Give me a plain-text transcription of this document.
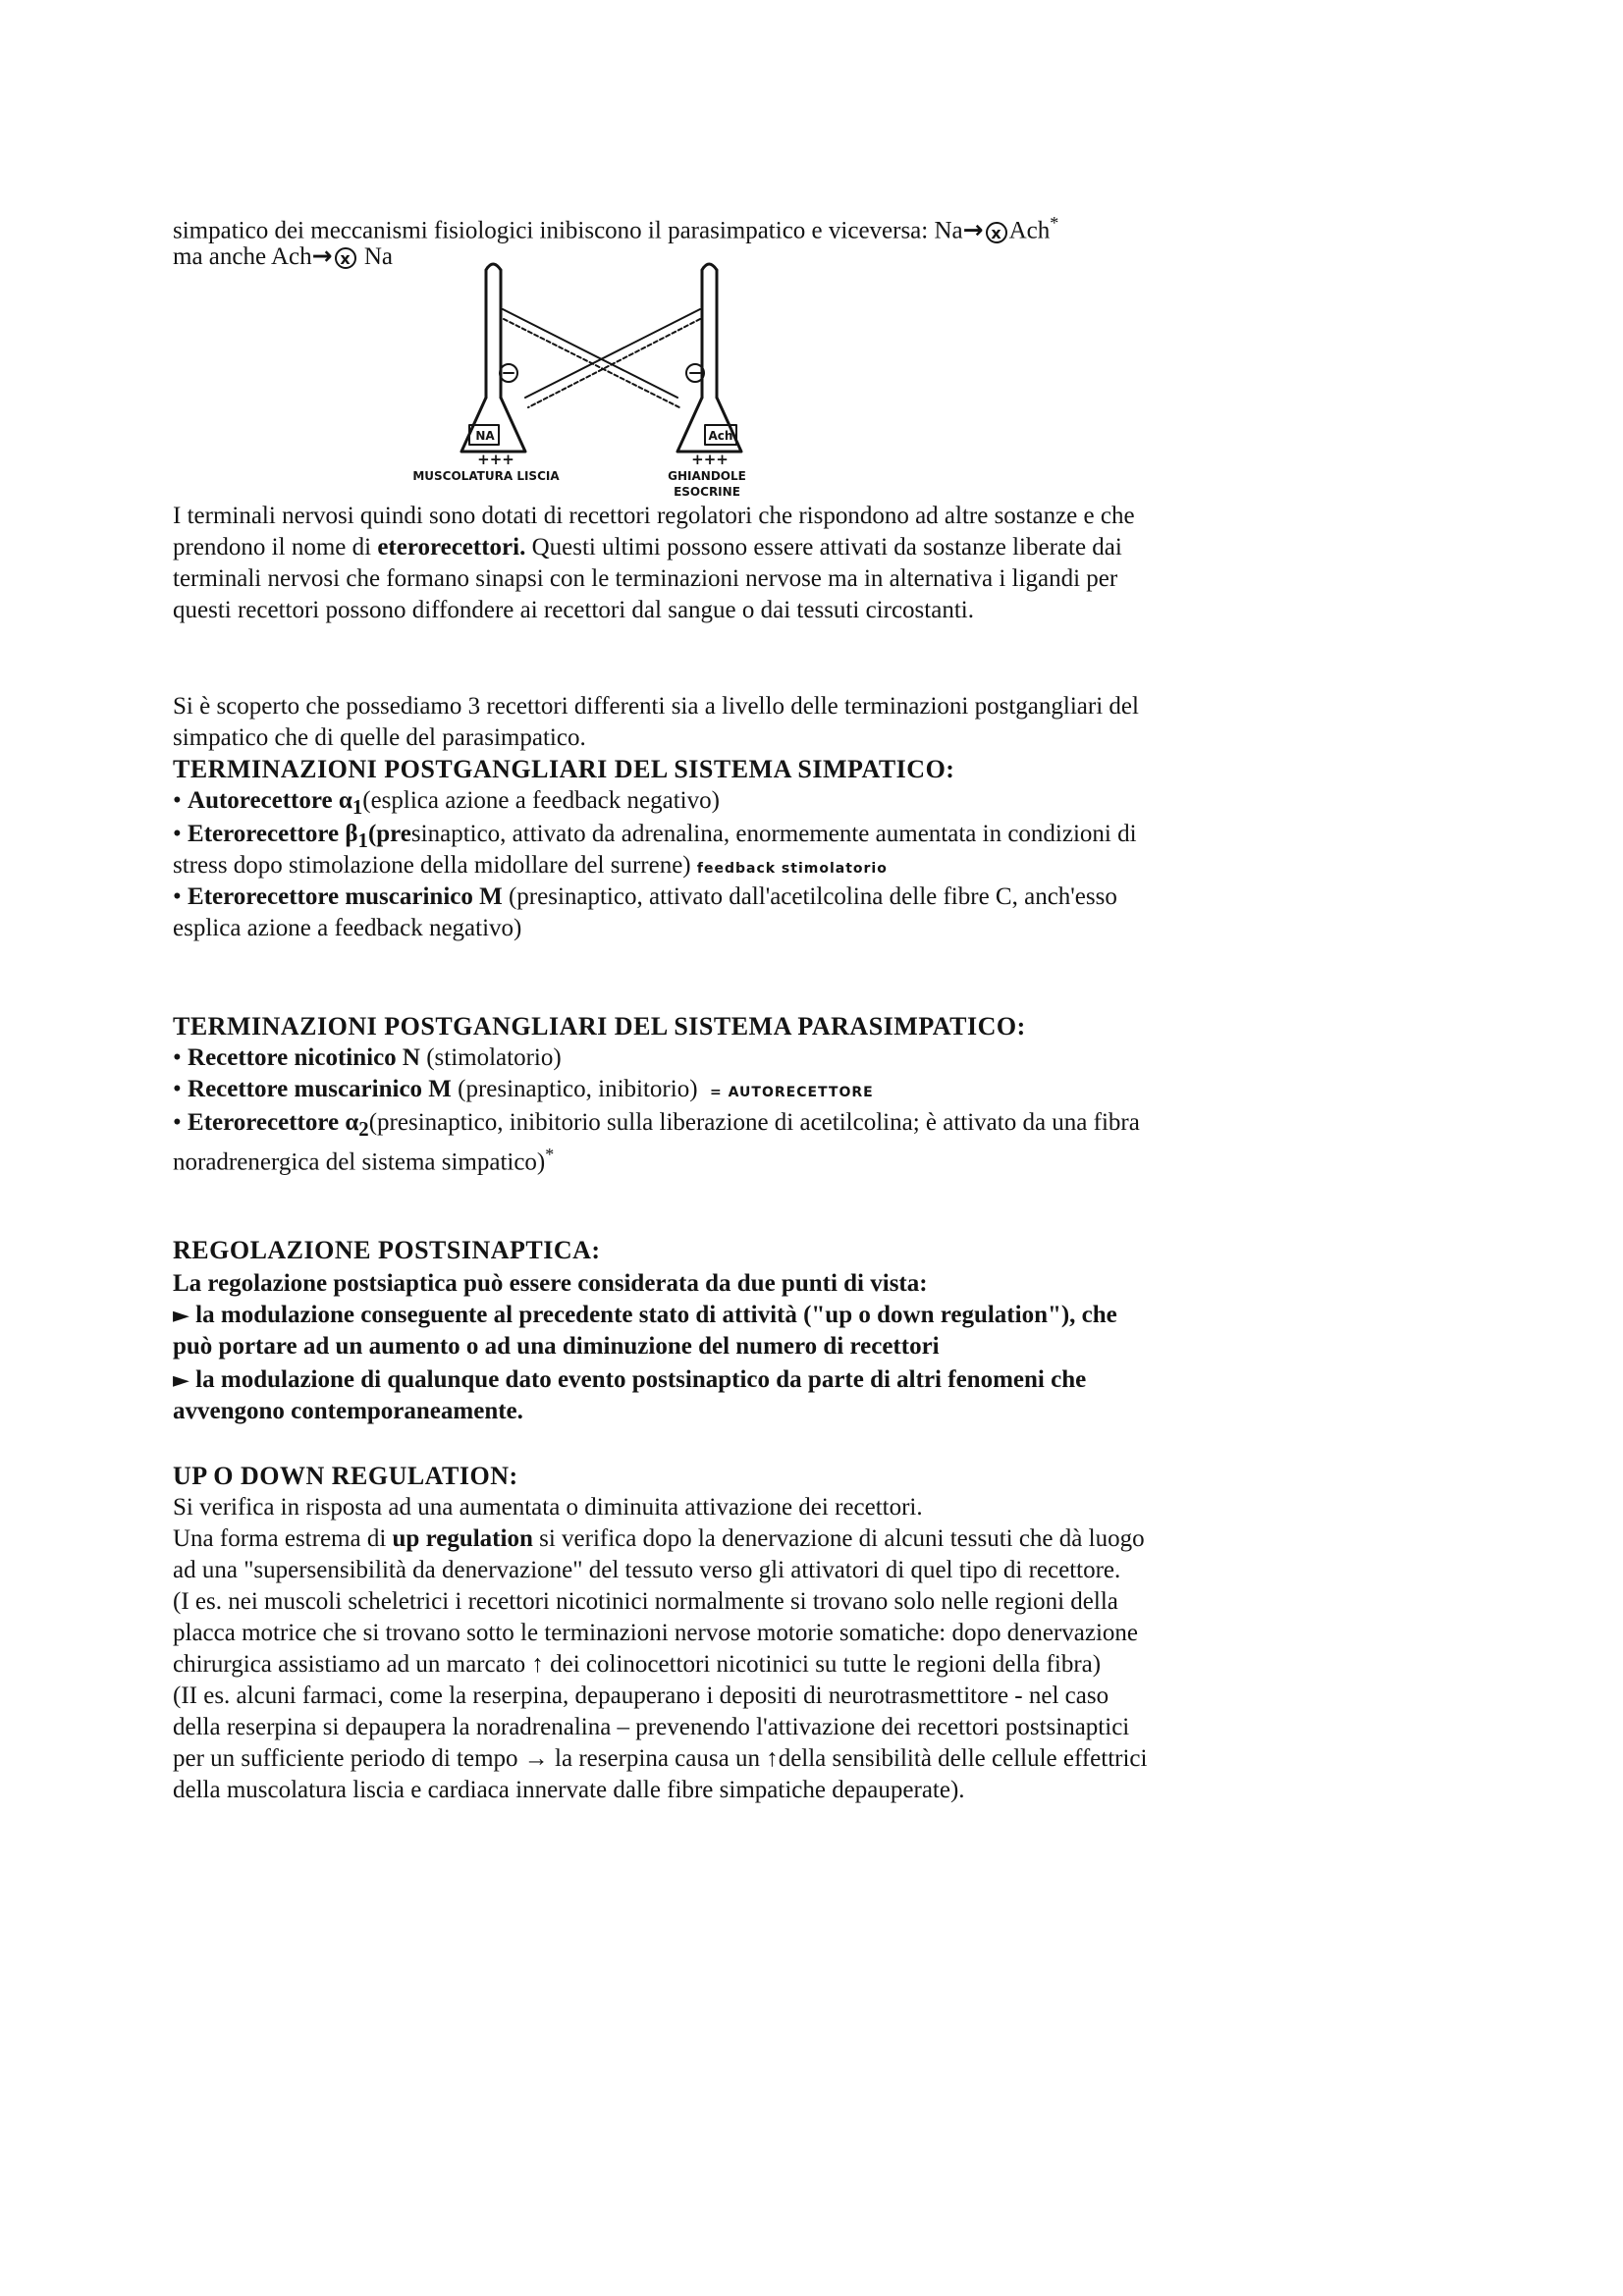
simpatico dei meccanismi fisiologici inibiscono il parasimpatico e viceversa: Na→ x Ach*
ma anche Ach→ x Na
NA	Ach
+++	+++
MUSCOLATURA LISCIA	GHIANDOLE ESOCRINE
I terminali nervosi quindi sono dotati di recettori regolatori che rispondono ad altre sostanze e che
prendono il nome di eterorecettori. Questi ultimi possono essere attivati da sostanze liberate dai
terminali nervosi che formano sinapsi con le terminazioni nervose ma in alternativa i ligandi per
questi recettori possono diffondere ai recettori dal sangue o dai tessuti circostanti.
Si è scoperto che possediamo 3 recettori differenti sia a livello delle terminazioni postgangliari del
simpatico che di quelle del parasimpatico.
TERMINAZIONI POSTGANGLIARI DEL SISTEMA SIMPATICO:
• Autorecettore $\alpha_1(esplica$ azione a feedback negativo)
• Eterorecettore $\beta_1(presinaptico$, attivato da adrenalina, enormemente aumentata in condizioni di
stress dopo stimolazione della midollare del surrene) feedback stimolatorio
• Eterorecettore muscarinico M (presinaptico, attivato dall'acetilcolina delle fibre C, anch'esso
esplica azione a feedback negativo)
TERMINAZIONI POSTGANGLIARI DEL SISTEMA PARASIMPATICO:
• Recettore nicotinico N (stimolatorio)
• Recettore muscarinico M (presinaptico, inibitorio) = AUTORECETTORE
• Eterorecettore $\alpha_2(presinaptico$, inibitorio sulla liberazione di acetilcolina; è attivato da una fibra
noradrenergica del sistema simpatico)*
REGOLAZIONE POSTSINAPTICA:
La regolazione postsiaptica può essere considerata da due punti di vista:
► la modulazione conseguente al precedente stato di attività ("up o down regulation"), che
può portare ad un aumento o ad una diminuzione del numero di recettori
► la modulazione di qualunque dato evento postsinaptico da parte di altri fenomeni che
avvengono contemporaneamente.
UP O DOWN REGULATION:
Si verifica in risposta ad una aumentata o diminuita attivazione dei recettori.
Una forma estrema di up regulation si verifica dopo la denervazione di alcuni tessuti che dà luogo
ad una "supersensibilità da denervazione" del tessuto verso gli attivatori di quel tipo di recettore.
(I es. nei muscoli scheletrici i recettori nicotinici normalmente si trovano solo nelle regioni della
placca motrice che si trovano sotto le terminazioni nervose motorie somatiche: dopo denervazione
chirurgica assistiamo ad un marcato ↑ dei colinocettori nicotinici su tutte le regioni della fibra)
(II es. alcuni farmaci, come la reserpina, depauperano i depositi di neurotrasmettitore - nel caso
della reserpina si depaupera la noradrenalina – prevenendo l'attivazione dei recettori postsinaptici
per un sufficiente periodo di tempo → la reserpina causa un ↑della sensibilità delle cellule effettrici
della muscolatura liscia e cardiaca innervate dalle fibre simpatiche depauperate).
